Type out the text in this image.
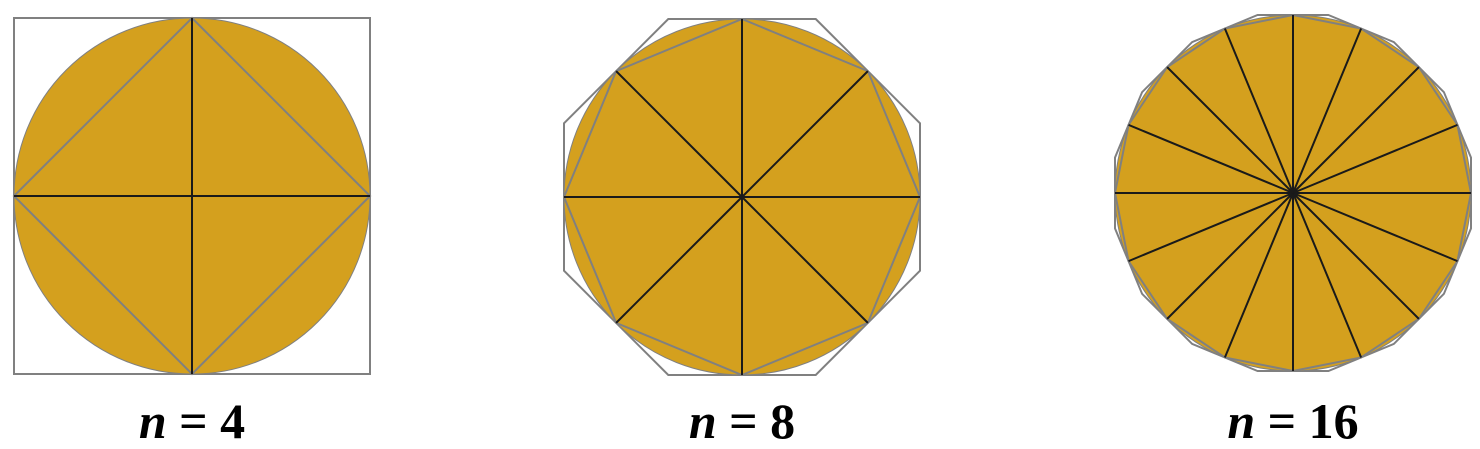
n = 4	n = 8	n = 16
